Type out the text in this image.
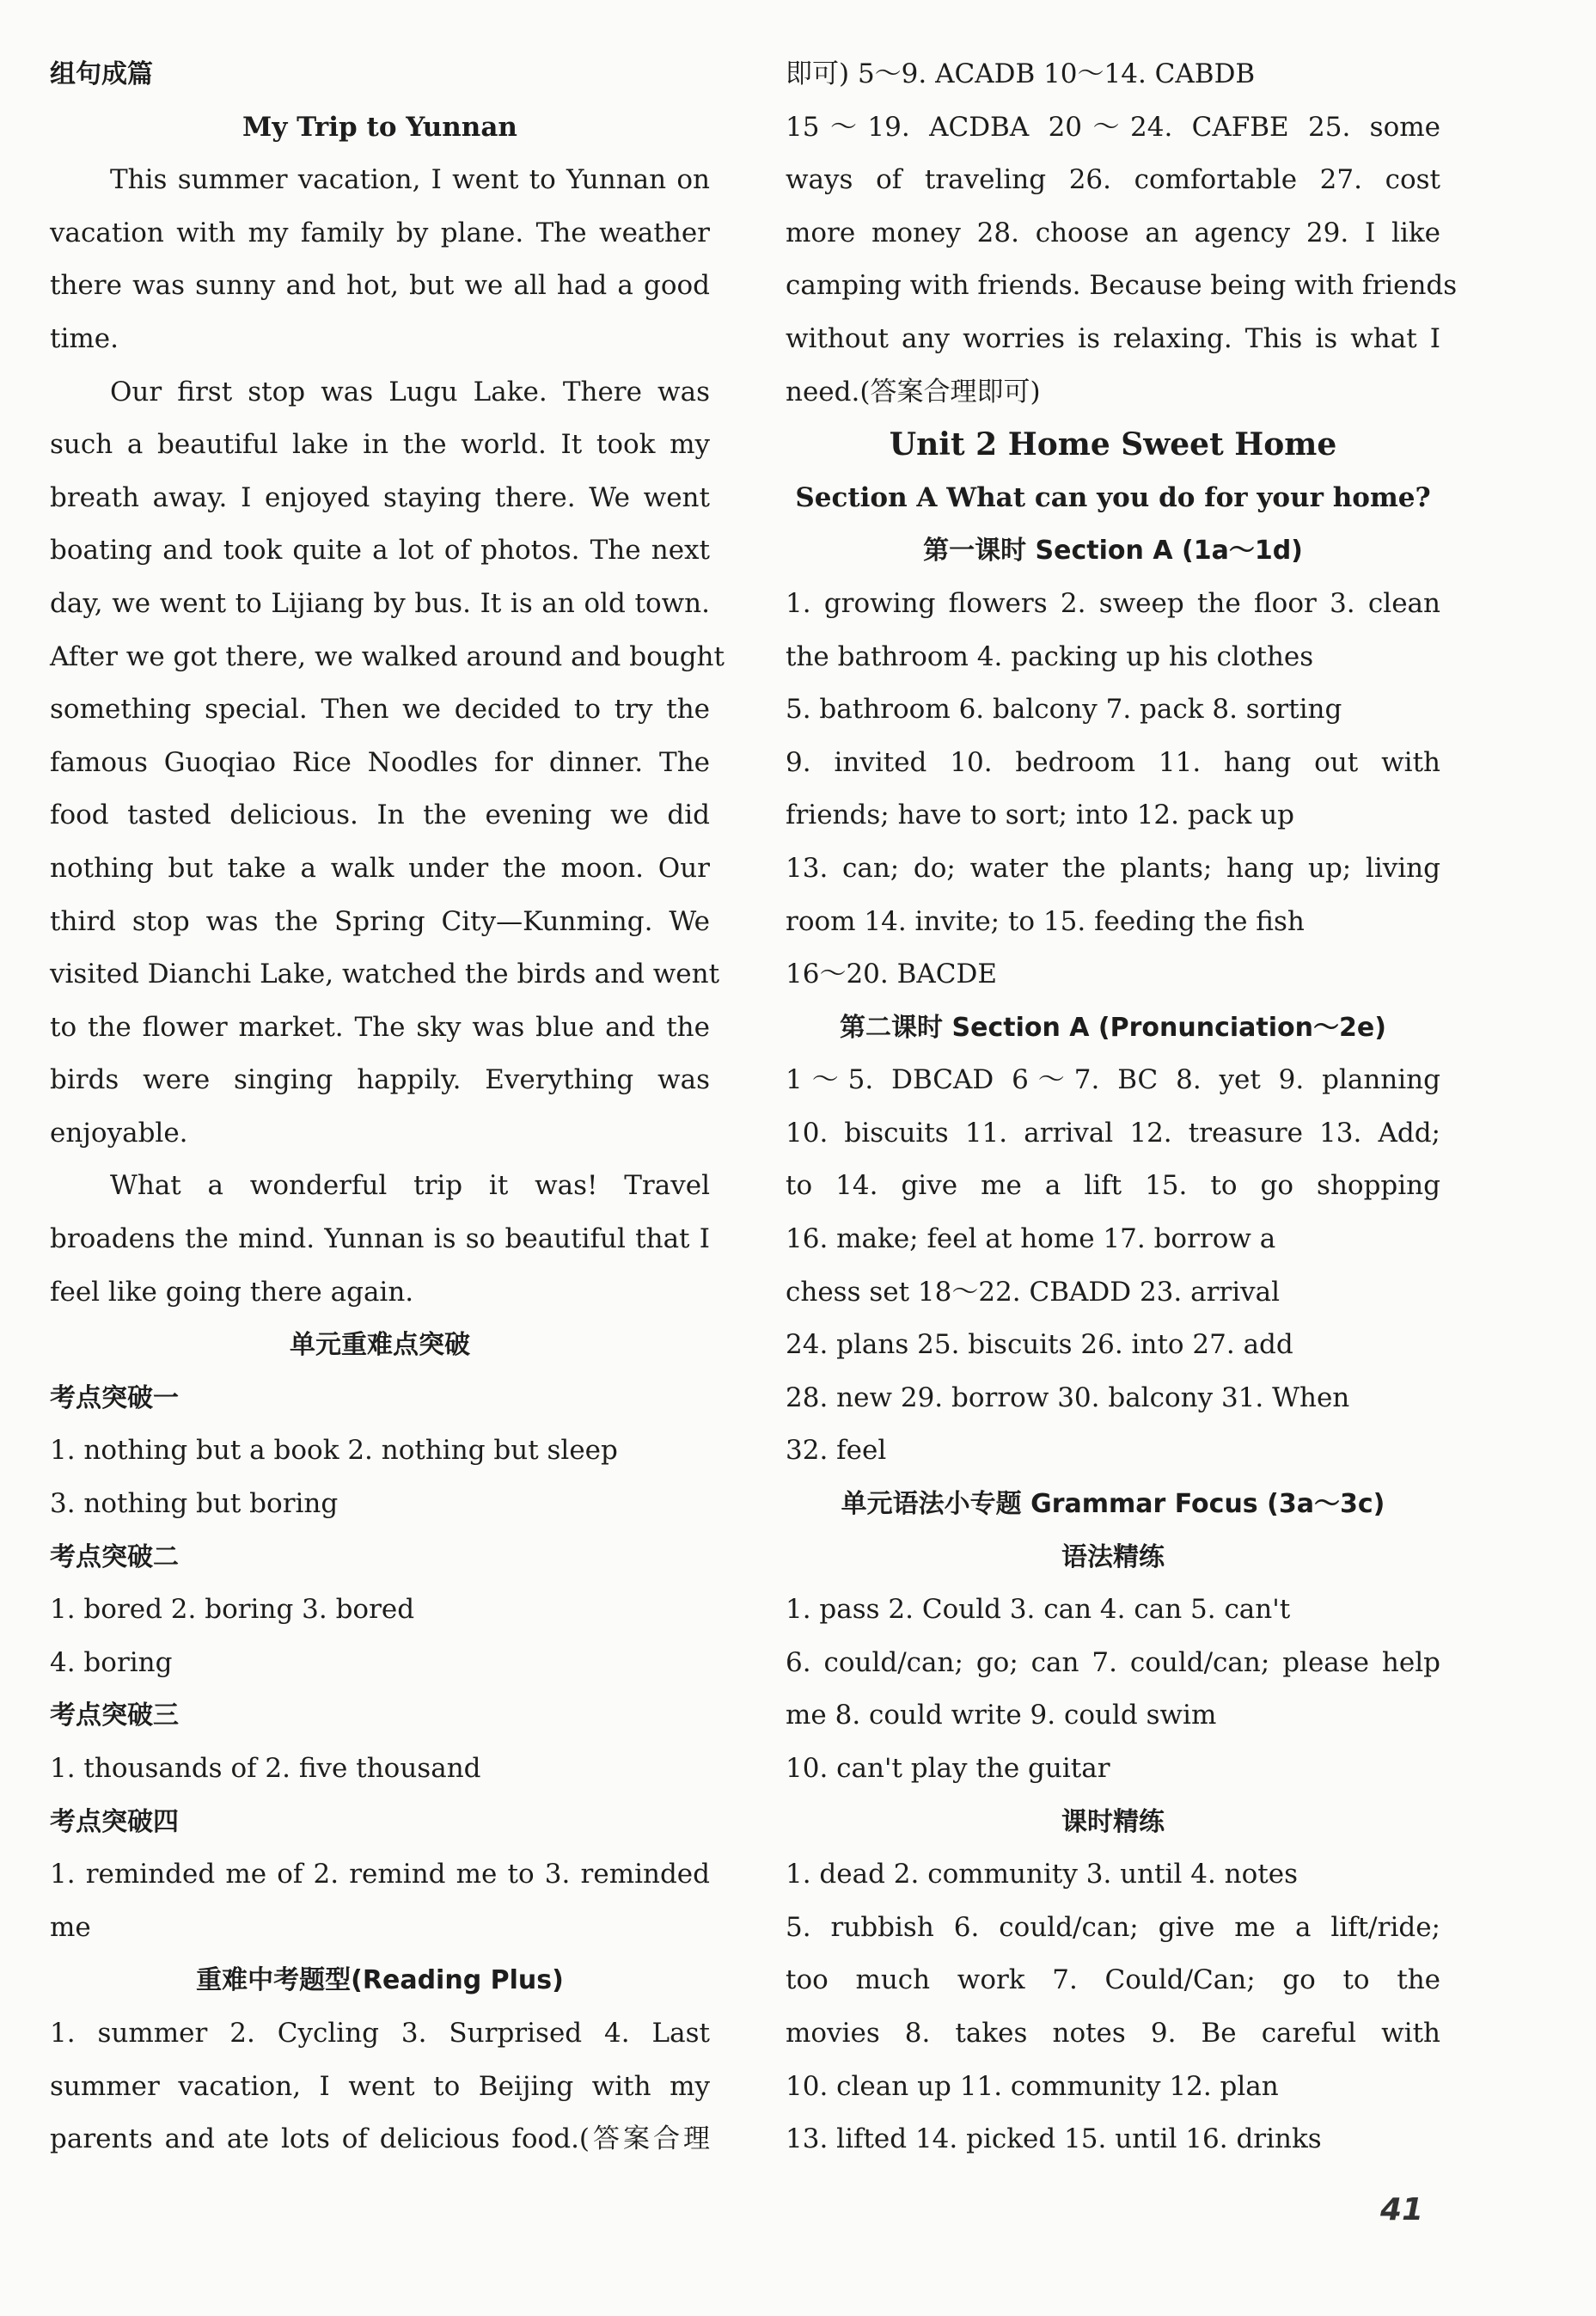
组句成篇
My Trip to Yunnan
This summer vacation, I went to Yunnan on
vacation with my family by plane. The weather
there was sunny and hot, but we all had a good
time.
Our first stop was Lugu Lake. There was
such a beautiful lake in the world. It took my
breath away. I enjoyed staying there. We went
boating and took quite a lot of photos. The next
day, we went to Lijiang by bus. It is an old town.
After we got there, we walked around and bought
something special. Then we decided to try the
famous Guoqiao Rice Noodles for dinner. The
food tasted delicious. In the evening we did
nothing but take a walk under the moon. Our
third stop was the Spring City—Kunming. We
visited Dianchi Lake, watched the birds and went
to the flower market. The sky was blue and the
birds were singing happily. Everything was
enjoyable.
What a wonderful trip it was! Travel
broadens the mind. Yunnan is so beautiful that I
feel like going there again.
单元重难点突破
考点突破一
1. nothing but a book 2. nothing but sleep
3. nothing but boring
考点突破二
1. bored 2. boring 3. bored
4. boring
考点突破三
1. thousands of 2. five thousand
考点突破四
1. reminded me of 2. remind me to 3. reminded
me
重难中考题型(Reading Plus)
1. summer 2. Cycling 3. Surprised 4. Last
summer vacation, I went to Beijing with my
parents and ate lots of delicious food.(答案合理
即可) 5～9. ACADB 10～14. CABDB
15～19. ACDBA 20～24. CAFBE 25. some
ways of traveling 26. comfortable 27. cost
more money 28. choose an agency 29. I like
camping with friends. Because being with friends
without any worries is relaxing. This is what I
need.(答案合理即可)
Unit 2 Home Sweet Home
Section A What can you do for your home?
第一课时 Section A (1a～1d)
1. growing flowers 2. sweep the floor 3. clean
the bathroom 4. packing up his clothes
5. bathroom 6. balcony 7. pack 8. sorting
9. invited 10. bedroom 11. hang out with
friends; have to sort; into 12. pack up
13. can; do; water the plants; hang up; living
room 14. invite; to 15. feeding the fish
16～20. BACDE
第二课时 Section A (Pronunciation～2e)
1～5. DBCAD 6～7. BC 8. yet 9. planning
10. biscuits 11. arrival 12. treasure 13. Add;
to 14. give me a lift 15. to go shopping
16. make; feel at home 17. borrow a
chess set 18～22. CBADD 23. arrival
24. plans 25. biscuits 26. into 27. add
28. new 29. borrow 30. balcony 31. When
32. feel
单元语法小专题 Grammar Focus (3a～3c)
语法精练
1. pass 2. Could 3. can 4. can 5. can't
6. could/can; go; can 7. could/can; please help
me 8. could write 9. could swim
10. can't play the guitar
课时精练
1. dead 2. community 3. until 4. notes
5. rubbish 6. could/can; give me a lift/ride;
too much work 7. Could/Can; go to the
movies 8. takes notes 9. Be careful with
10. clean up 11. community 12. plan
13. lifted 14. picked 15. until 16. drinks
41
